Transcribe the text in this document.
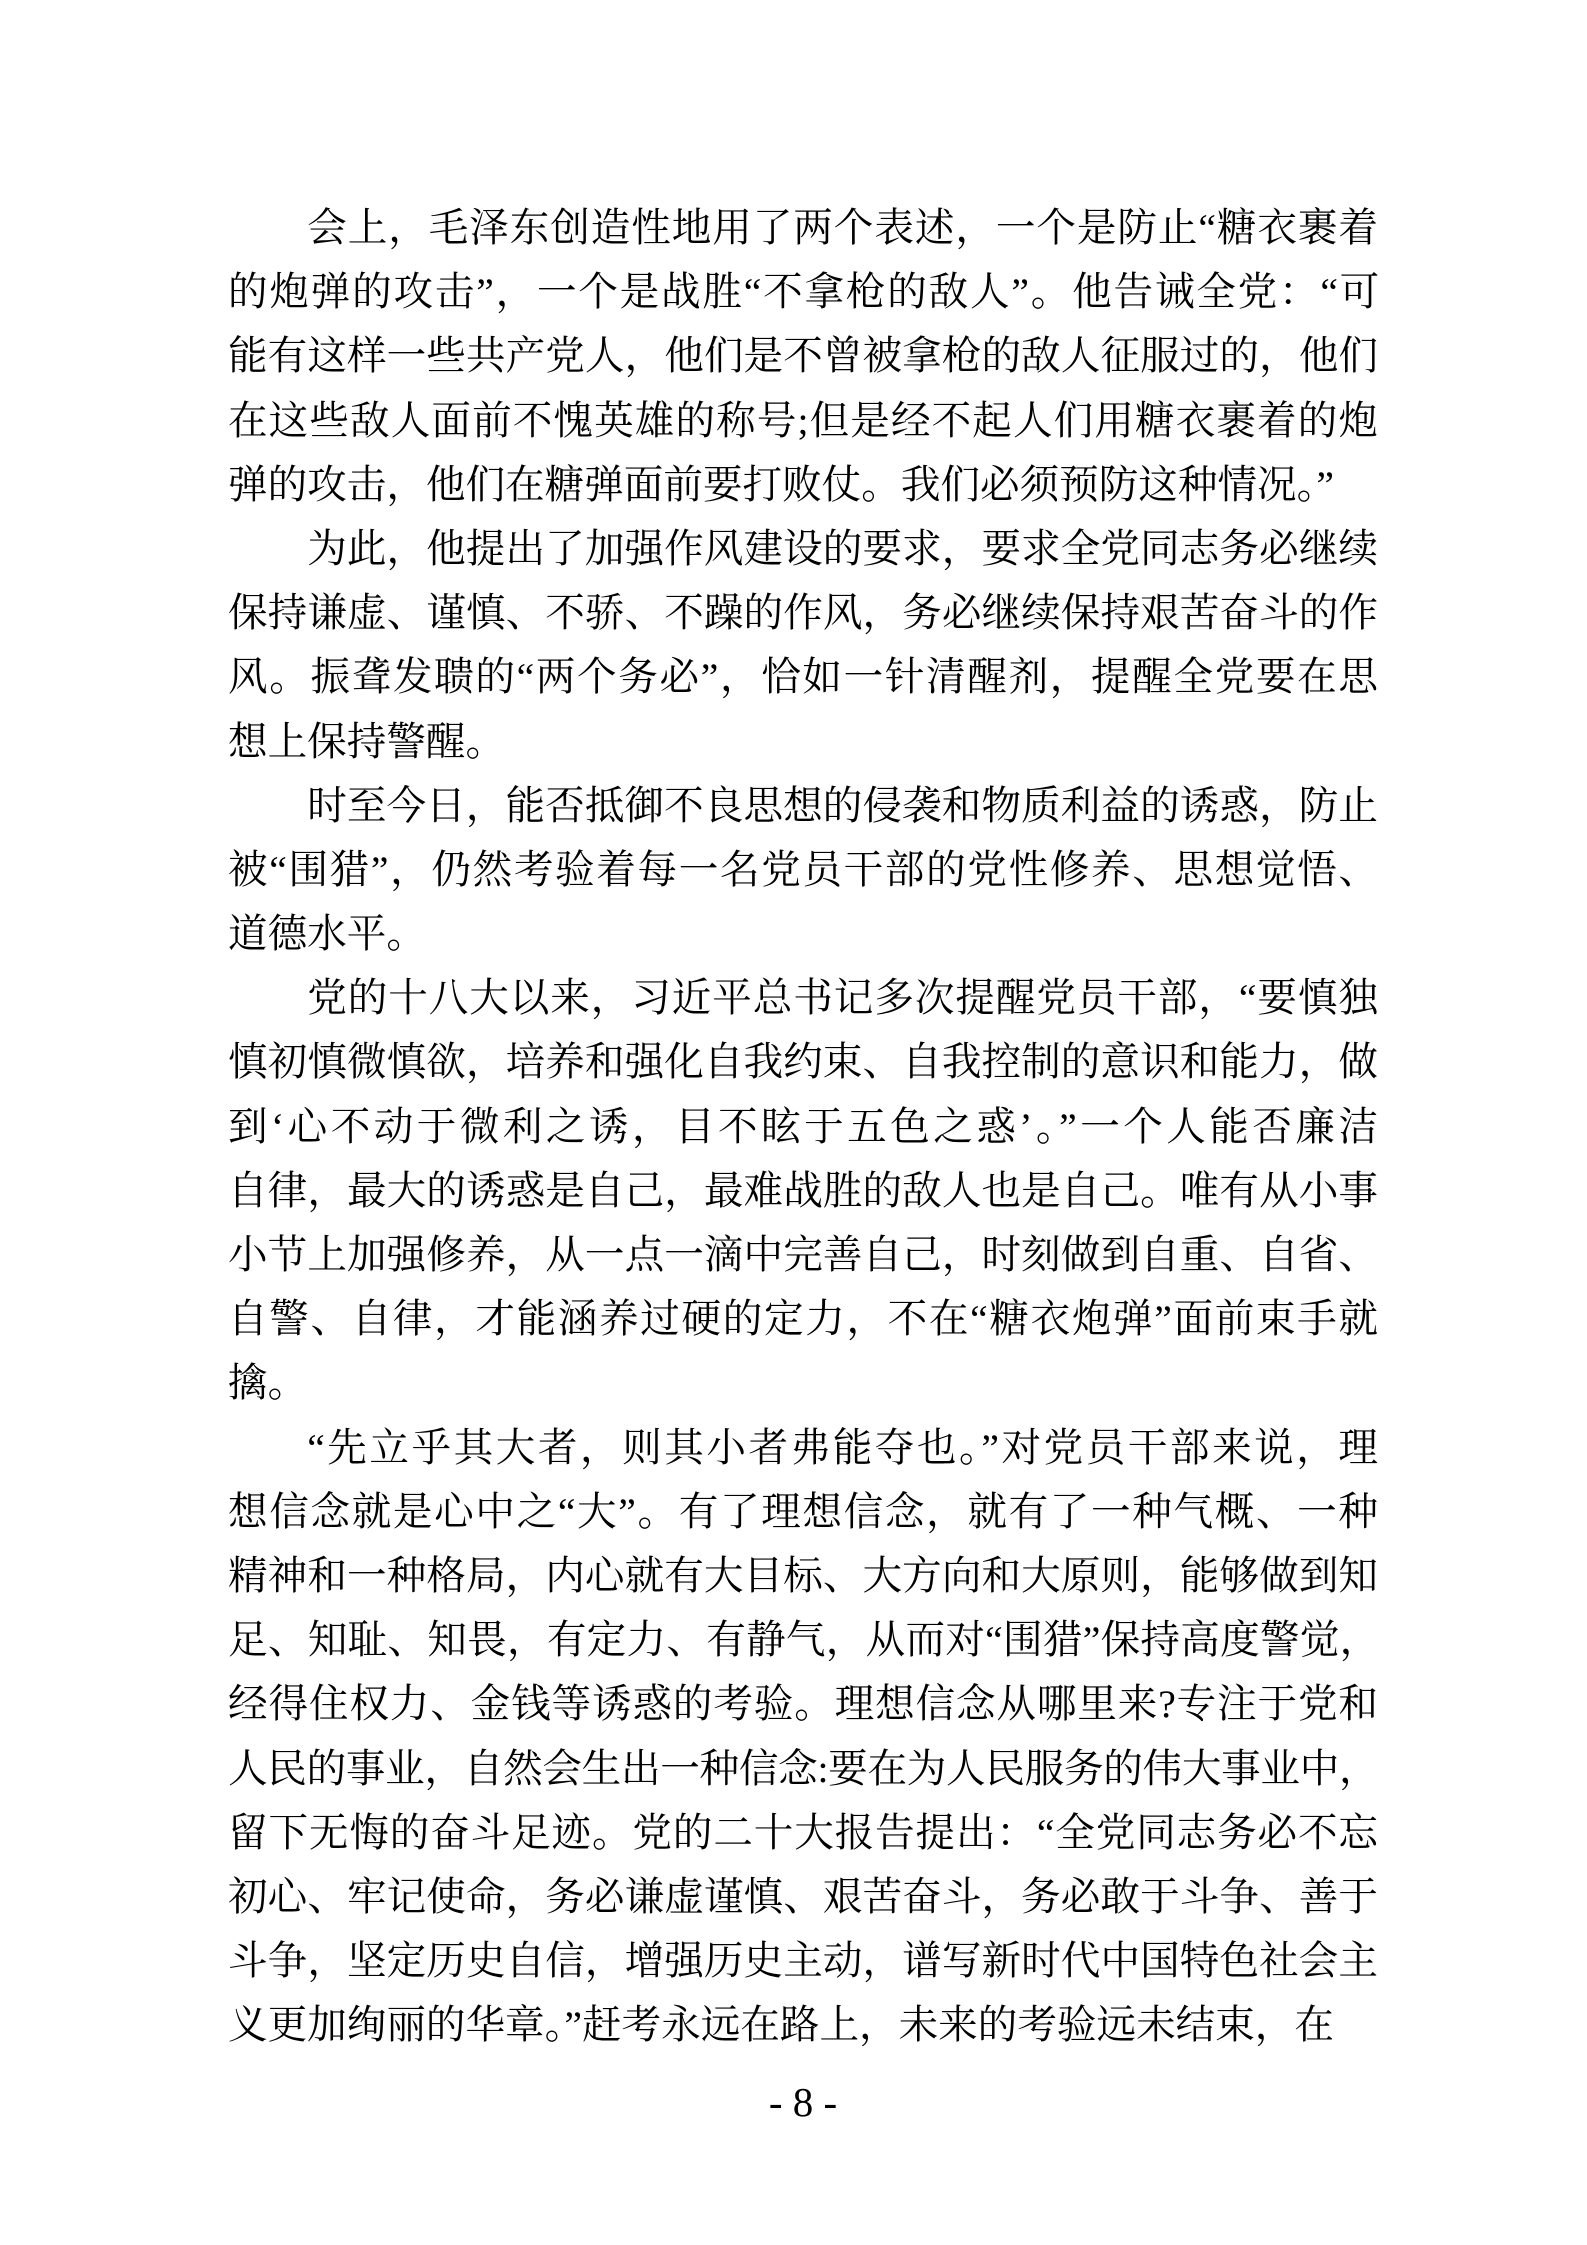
会上，毛泽东创造性地用了两个表述，一个是防止“糖衣裹着
的炮弹的攻击”，一个是战胜“不拿枪的敌人”。他告诫全党：“可
能有这样一些共产党人，他们是不曾被拿枪的敌人征服过的，他们
在这些敌人面前不愧英雄的称号;但是经不起人们用糖衣裹着的炮
弹的攻击，他们在糖弹面前要打败仗。我们必须预防这种情况。”
为此，他提出了加强作风建设的要求，要求全党同志务必继续
保持谦虚、谨慎、不骄、不躁的作风，务必继续保持艰苦奋斗的作
风。振聋发聩的“两个务必”，恰如一针清醒剂，提醒全党要在思
想上保持警醒。
时至今日，能否抵御不良思想的侵袭和物质利益的诱惑，防止
被“围猎”，仍然考验着每一名党员干部的党性修养、思想觉悟、
道德水平。
党的十八大以来，习近平总书记多次提醒党员干部，“要慎独
慎初慎微慎欲，培养和强化自我约束、自我控制的意识和能力，做
到‘心不动于微利之诱，目不眩于五色之惑’。”一个人能否廉洁
自律，最大的诱惑是自己，最难战胜的敌人也是自己。唯有从小事
小节上加强修养，从一点一滴中完善自己，时刻做到自重、自省、
自警、自律，才能涵养过硬的定力，不在“糖衣炮弹”面前束手就
擒。
“先立乎其大者，则其小者弗能夺也。”对党员干部来说，理
想信念就是心中之“大”。有了理想信念，就有了一种气概、一种
精神和一种格局，内心就有大目标、大方向和大原则，能够做到知
足、知耻、知畏，有定力、有静气，从而对“围猎”保持高度警觉，
经得住权力、金钱等诱惑的考验。理想信念从哪里来?专注于党和
人民的事业，自然会生出一种信念:要在为人民服务的伟大事业中，
留下无悔的奋斗足迹。党的二十大报告提出：“全党同志务必不忘
初心、牢记使命，务必谦虚谨慎、艰苦奋斗，务必敢于斗争、善于
斗争，坚定历史自信，增强历史主动，谱写新时代中国特色社会主
义更加绚丽的华章。”赶考永远在路上，未来的考验远未结束，在
- 8 -
